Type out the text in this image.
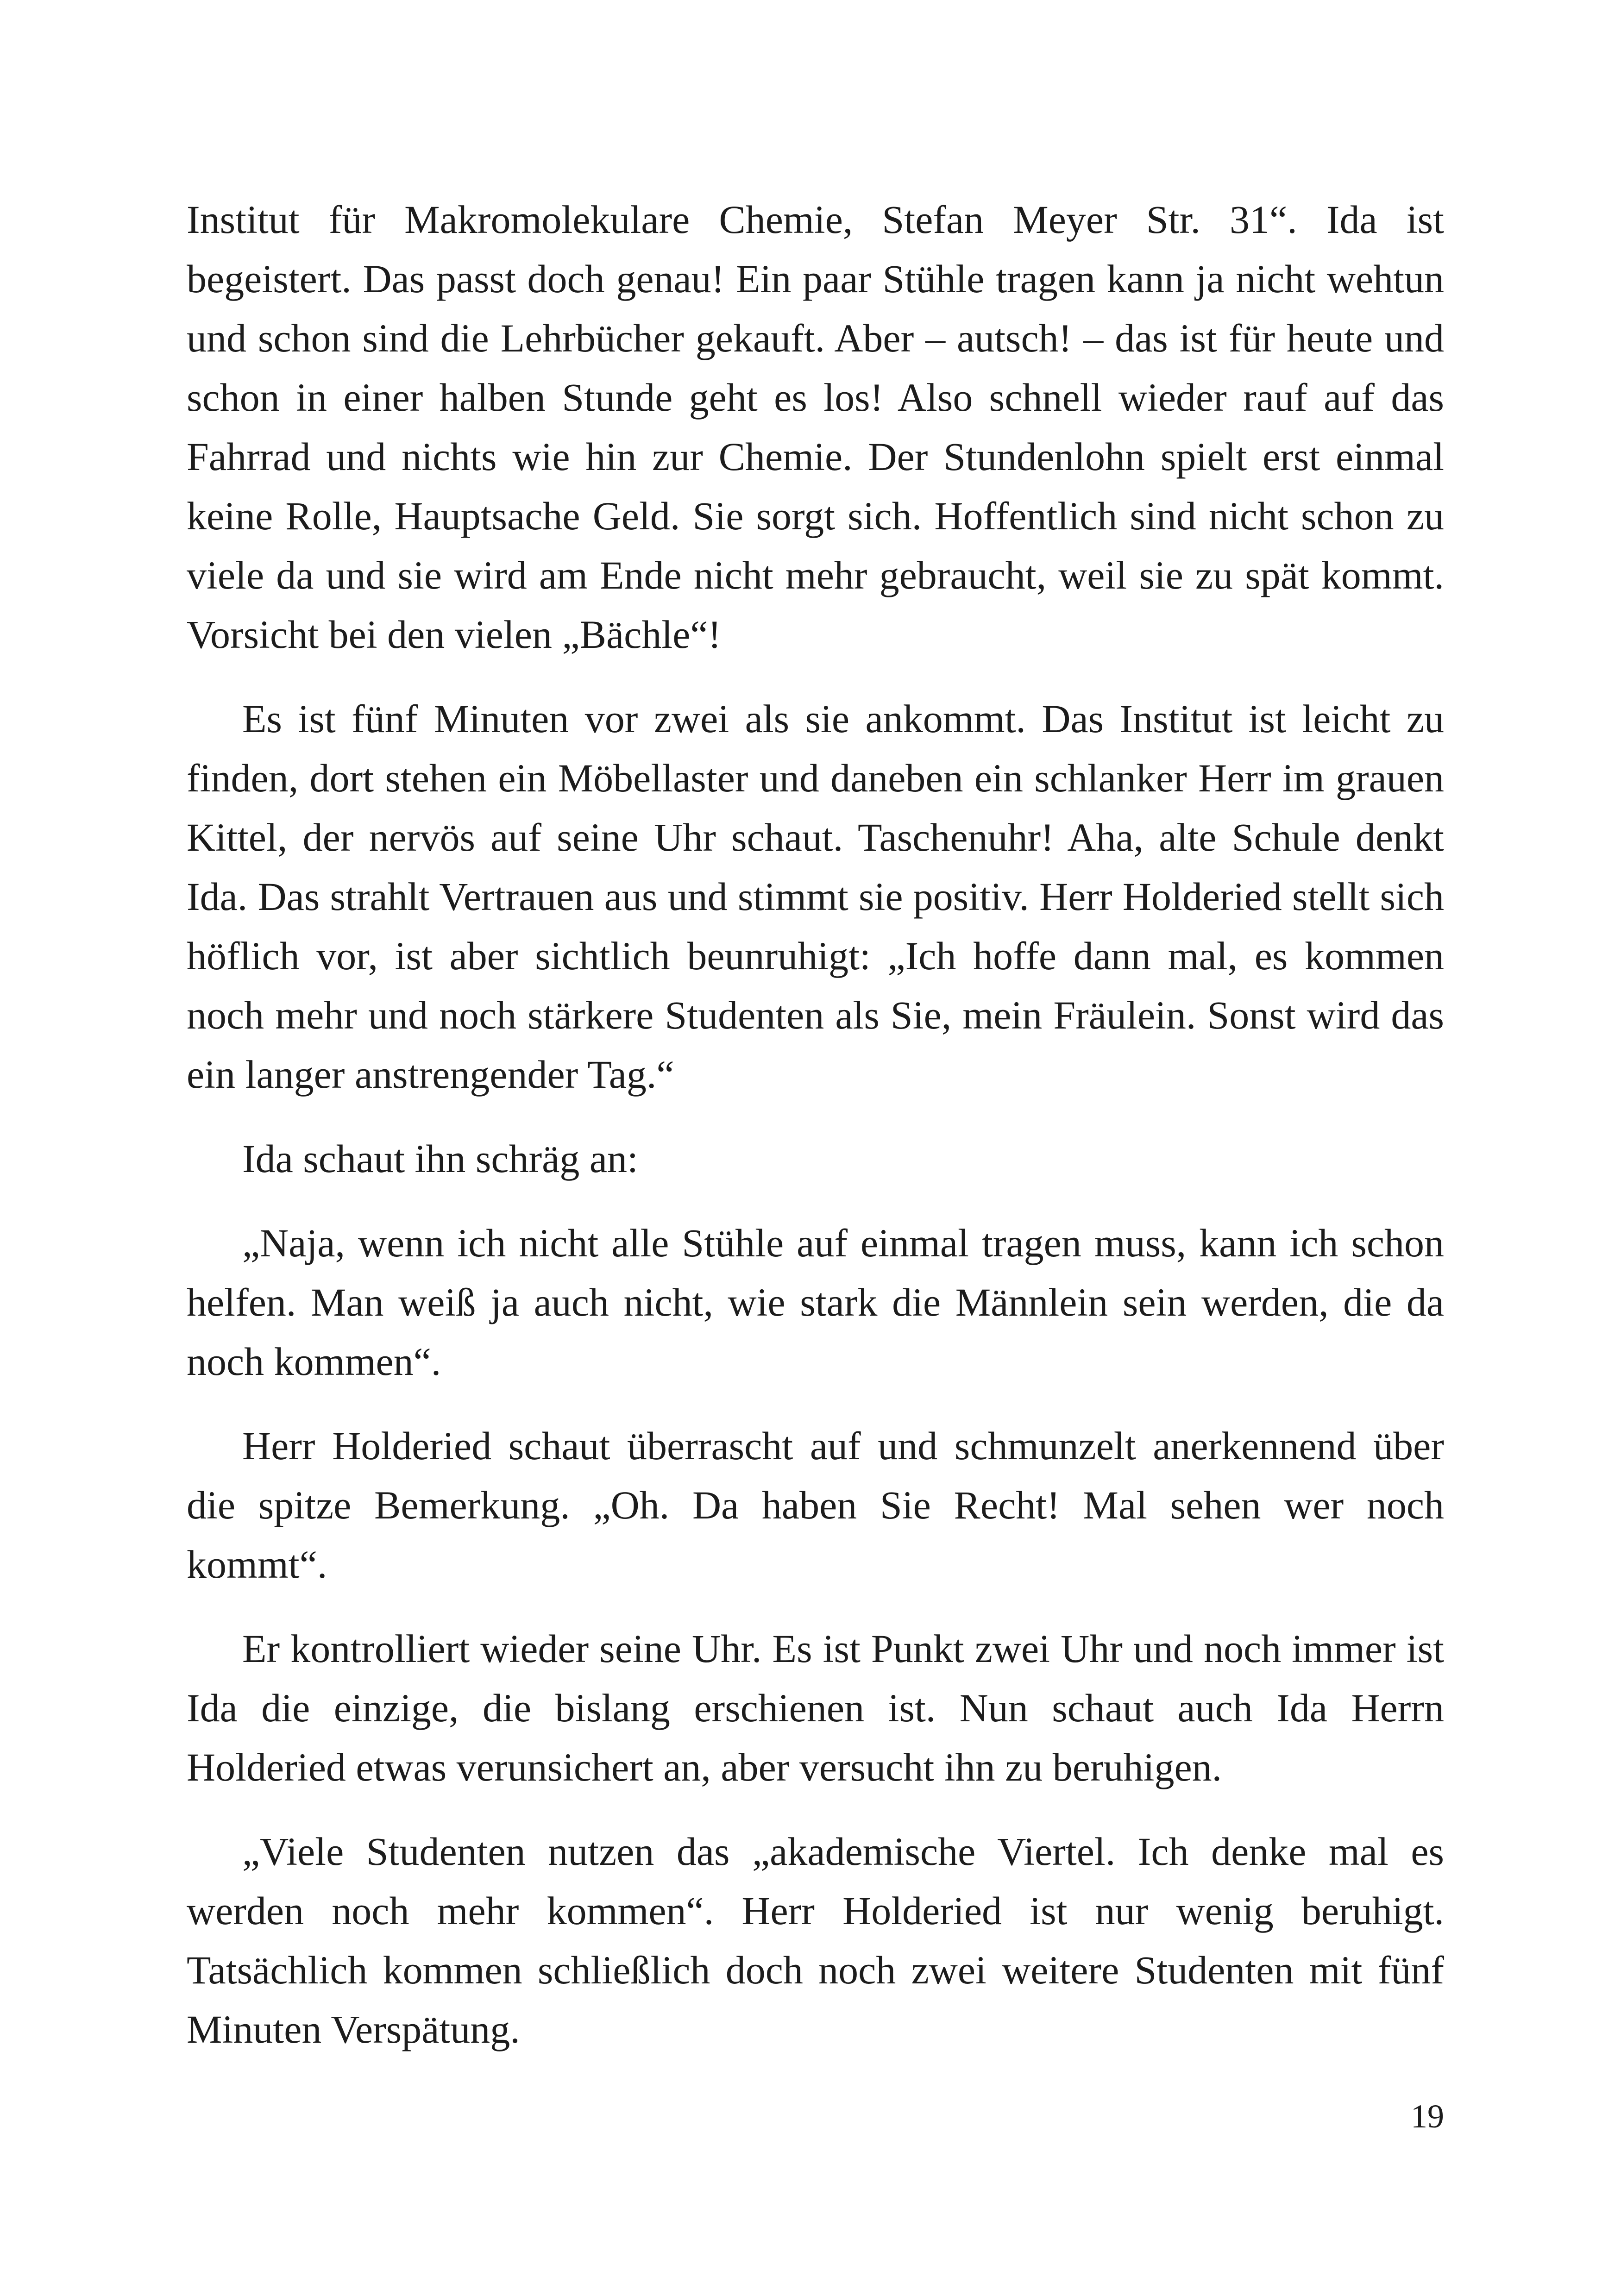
Institut für Makromolekulare Chemie, Stefan Meyer Str. 31“. Ida ist begeistert. Das passt doch genau! Ein paar Stühle tragen kann ja nicht wehtun und schon sind die Lehrbücher gekauft. Aber – autsch! – das ist für heute und schon in einer halben Stunde geht es los! Also schnell wieder rauf auf das Fahrrad und nichts wie hin zur Chemie. Der Stundenlohn spielt erst einmal keine Rolle, Hauptsache Geld. Sie sorgt sich. Hoffentlich sind nicht schon zu viele da und sie wird am Ende nicht mehr gebraucht, weil sie zu spät kommt. Vorsicht bei den vielen „Bächle“!

Es ist fünf Minuten vor zwei als sie ankommt. Das Institut ist leicht zu finden, dort stehen ein Möbellaster und daneben ein schlanker Herr im grauen Kittel, der nervös auf seine Uhr schaut. Taschenuhr! Aha, alte Schule denkt Ida. Das strahlt Vertrauen aus und stimmt sie positiv. Herr Holderied stellt sich höflich vor, ist aber sichtlich beunruhigt: „Ich hoffe dann mal, es kommen noch mehr und noch stärkere Studenten als Sie, mein Fräulein. Sonst wird das ein langer anstrengender Tag.“

Ida schaut ihn schräg an:

„Naja, wenn ich nicht alle Stühle auf einmal tragen muss, kann ich schon helfen. Man weiß ja auch nicht, wie stark die Männlein sein werden, die da noch kommen“.

Herr Holderied schaut überrascht auf und schmunzelt anerkennend über die spitze Bemerkung. „Oh. Da haben Sie Recht! Mal sehen wer noch kommt“.

Er kontrolliert wieder seine Uhr. Es ist Punkt zwei Uhr und noch immer ist Ida die einzige, die bislang erschienen ist. Nun schaut auch Ida Herrn Holderied etwas verunsichert an, aber versucht ihn zu beruhigen.

„Viele Studenten nutzen das „akademische Viertel. Ich denke mal es werden noch mehr kommen“. Herr Holderied ist nur wenig beruhigt. Tatsächlich kommen schließlich doch noch zwei weitere Studenten mit fünf Minuten Verspätung.

19
